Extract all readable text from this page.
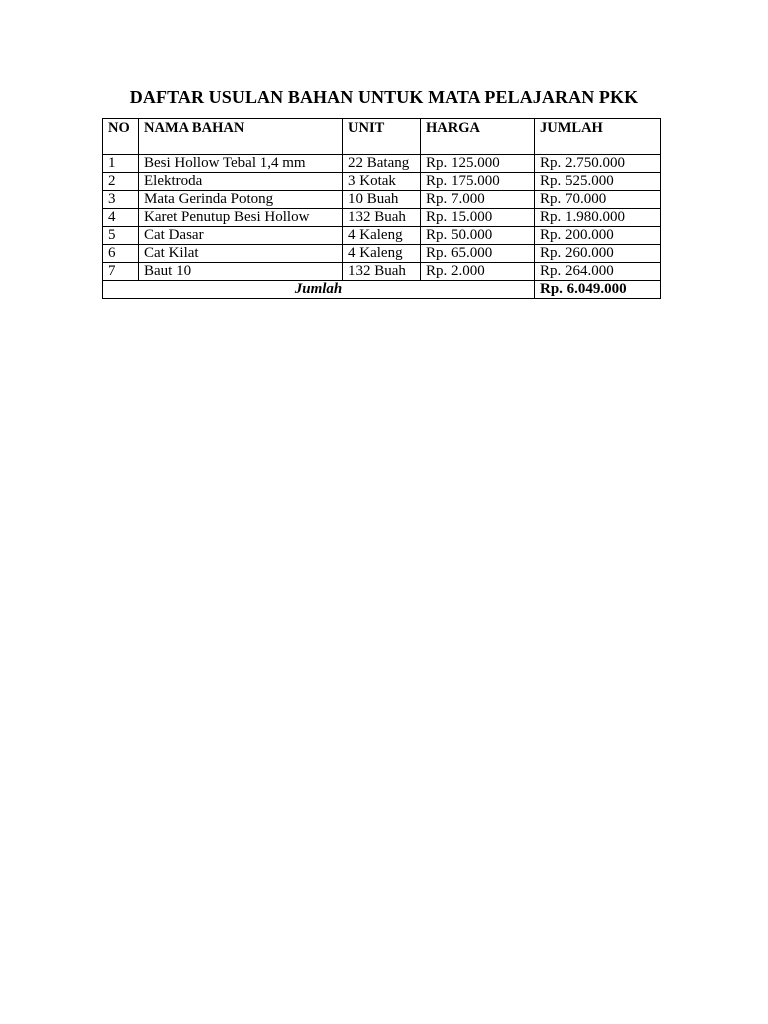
DAFTAR USULAN BAHAN UNTUK MATA PELAJARAN PKK
NO	NAMA BAHAN	UNIT	HARGA	JUMLAH
1	Besi Hollow Tebal 1,4 mm	22 Batang	Rp. 125.000	Rp. 2.750.000
2	Elektroda	3 Kotak	Rp. 175.000	Rp. 525.000
3	Mata Gerinda Potong	10 Buah	Rp. 7.000	Rp. 70.000
4	Karet Penutup Besi Hollow	132 Buah	Rp. 15.000	Rp. 1.980.000
5	Cat Dasar	4 Kaleng	Rp. 50.000	Rp. 200.000
6	Cat Kilat	4 Kaleng	Rp. 65.000	Rp. 260.000
7	Baut 10	132 Buah	Rp. 2.000	Rp. 264.000
Jumlah				Rp. 6.049.000
